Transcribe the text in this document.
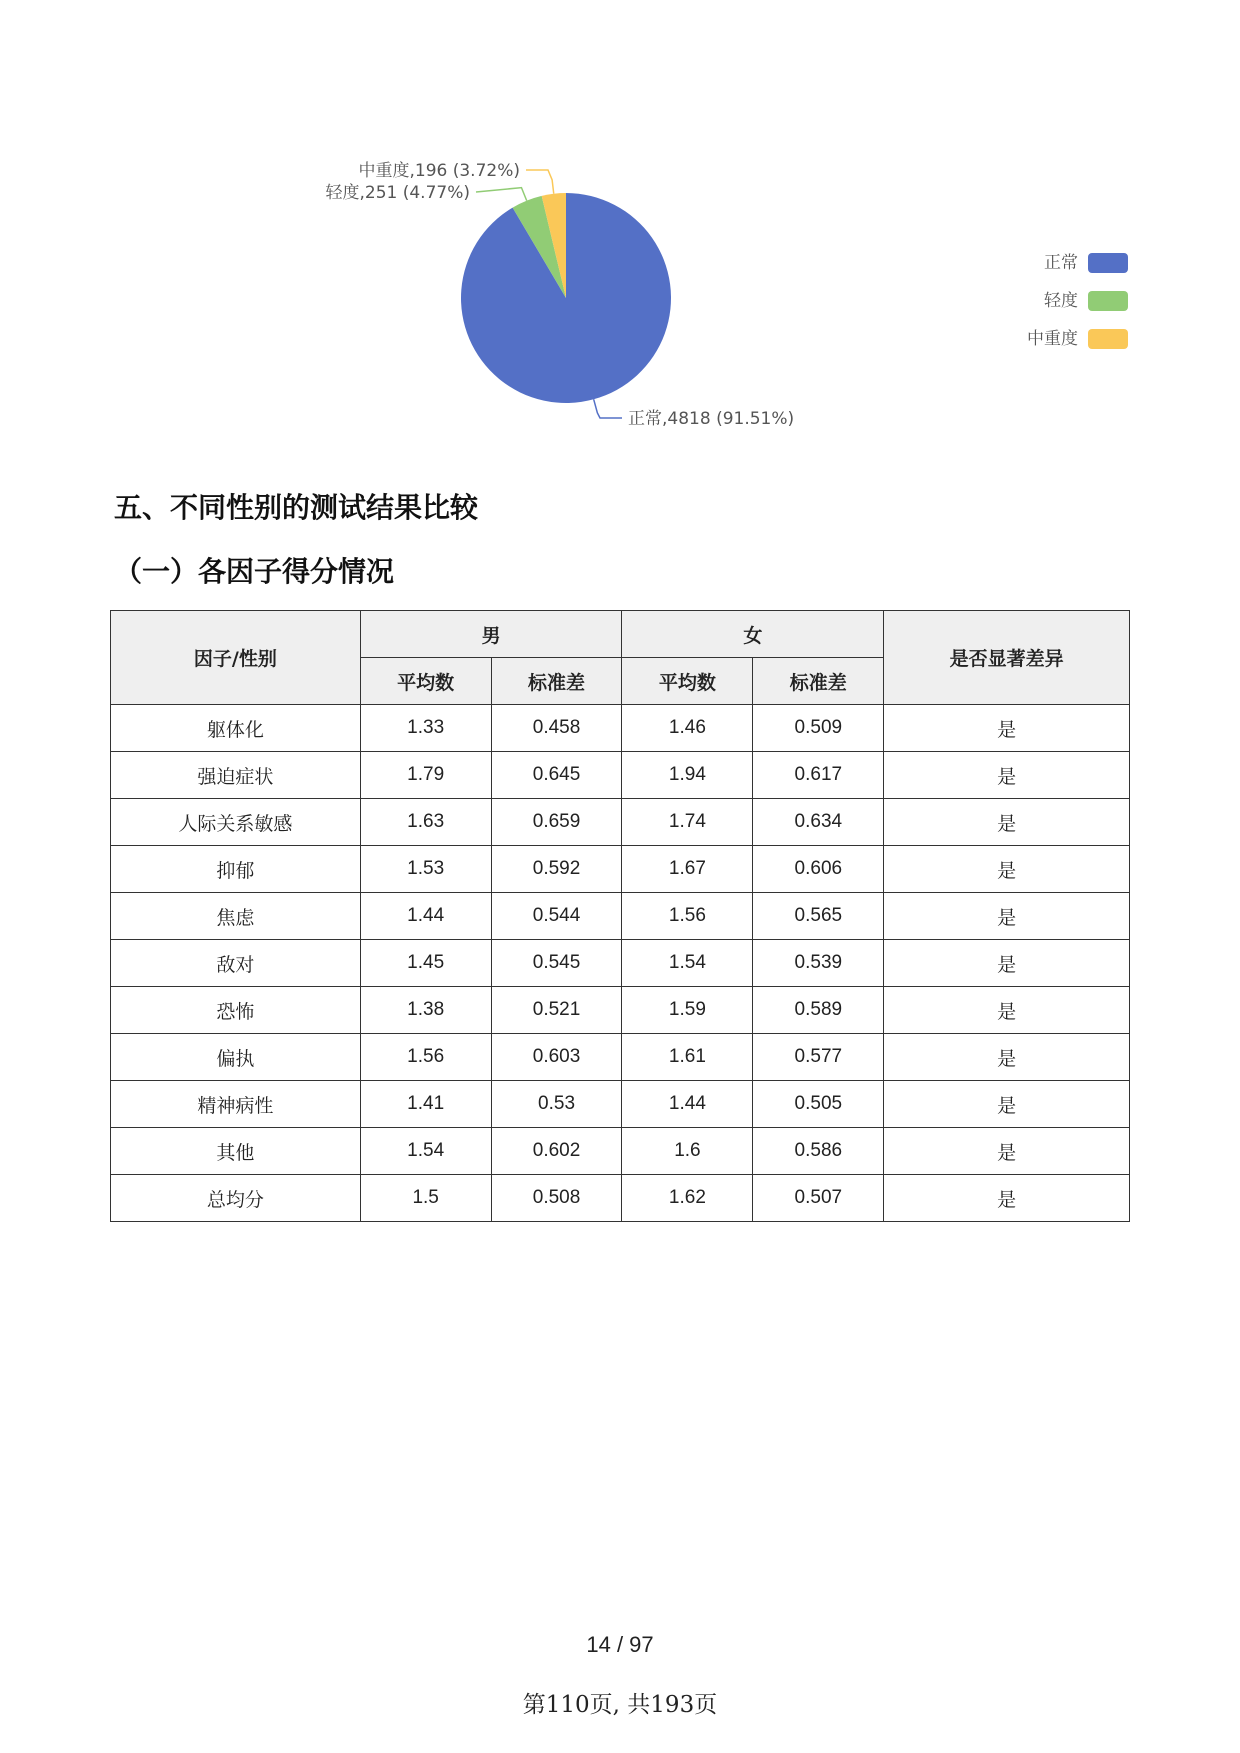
正常,4818 (91.51%)
轻度,251 (4.77%)
中重度,196 (3.72%)
正常
轻度
中重度
五、不同性别的测试结果比较
（一）各因子得分情况
因子/性别	男		女		是否显著差异
	平均数	标准差	平均数	标准差	
躯体化	1.33	0.458	1.46	0.509	是
强迫症状	1.79	0.645	1.94	0.617	是
人际关系敏感	1.63	0.659	1.74	0.634	是
抑郁	1.53	0.592	1.67	0.606	是
焦虑	1.44	0.544	1.56	0.565	是
敌对	1.45	0.545	1.54	0.539	是
恐怖	1.38	0.521	1.59	0.589	是
偏执	1.56	0.603	1.61	0.577	是
精神病性	1.41	0.53	1.44	0.505	是
其他	1.54	0.602	1.6	0.586	是
总均分	1.5	0.508	1.62	0.507	是
14 / 97
第110页, 共193页
